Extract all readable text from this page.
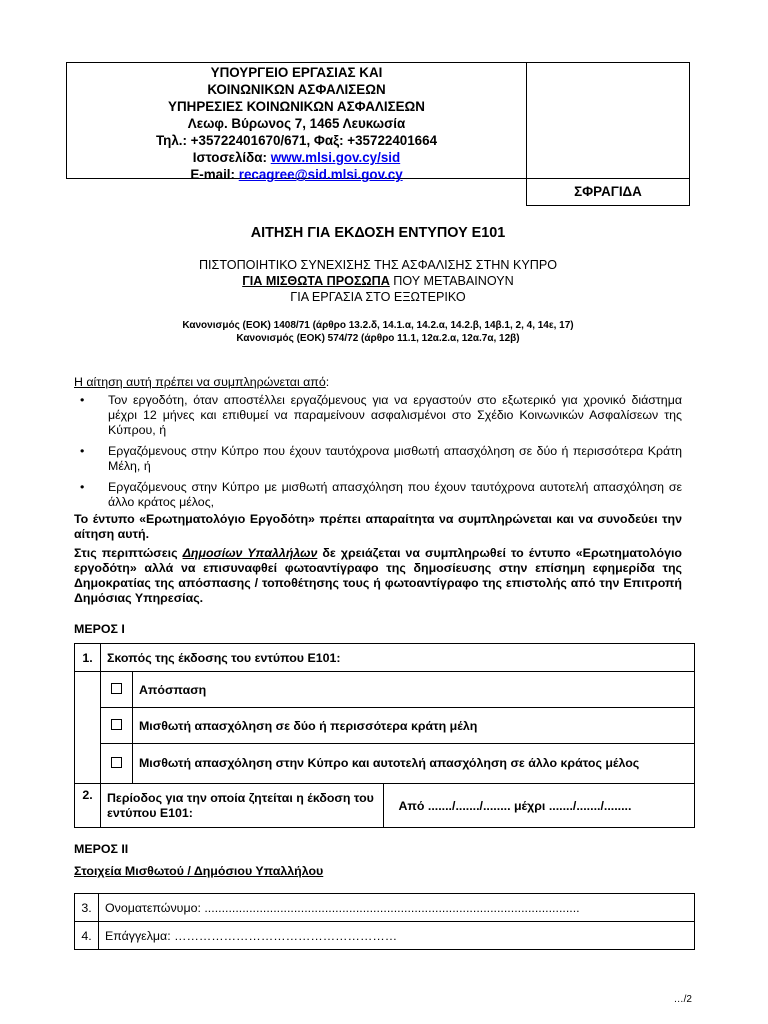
ΥΠΟΥΡΓΕΙΟ ΕΡΓΑΣΙΑΣ ΚΑΙ
ΚΟΙΝΩΝΙΚΩΝ ΑΣΦΑΛΙΣΕΩΝ
ΥΠΗΡΕΣΙΕΣ ΚΟΙΝΩΝΙΚΩΝ ΑΣΦΑΛΙΣΕΩΝ
Λεωφ. Βύρωνος 7, 1465 Λευκωσία
Τηλ.: +35722401670/671, Φαξ: +35722401664
Ιστοσελίδα: www.mlsi.gov.cy/sid
E-mail: recagree@sid.mlsi.gov.cy
ΣΦΡΑΓΙΔΑ
ΑΙΤΗΣΗ ΓΙΑ ΕΚΔΟΣΗ ΕΝΤΥΠΟΥ Ε101
ΠΙΣΤΟΠΟΙΗΤΙΚΟ ΣΥΝΕΧΙΣΗΣ ΤΗΣ ΑΣΦΑΛΙΣΗΣ ΣΤΗΝ ΚΥΠΡΟ
ΓΙΑ ΜΙΣΘΩΤΑ ΠΡΟΣΩΠΑ ΠΟΥ ΜΕΤΑΒΑΙΝΟΥΝ
ΓΙΑ ΕΡΓΑΣΙΑ ΣΤΟ ΕΞΩΤΕΡΙΚΟ
Κανονισμός (ΕΟΚ) 1408/71 (άρθρο 13.2.δ, 14.1.α, 14.2.α, 14.2.β, 14β.1, 2, 4, 14ε, 17)
Κανονισμός (ΕΟΚ) 574/72 (άρθρο 11.1, 12α.2.α, 12α.7α, 12β)
Η αίτηση αυτή πρέπει να συμπληρώνεται από:
• Τον εργοδότη, όταν αποστέλλει εργαζόμενους για να εργαστούν στο εξωτερικό για χρονικό διάστημα μέχρι 12 μήνες και επιθυμεί να παραμείνουν ασφαλισμένοι στο Σχέδιο Κοινωνικών Ασφαλίσεων της Κύπρου, ή
• Εργαζόμενους στην Κύπρο που έχουν ταυτόχρονα μισθωτή απασχόληση σε δύο ή περισσότερα Κράτη Μέλη, ή
• Εργαζόμενους στην Κύπρο με μισθωτή απασχόληση που έχουν ταυτόχρονα αυτοτελή απασχόληση σε άλλο κράτος μέλος,
Το έντυπο «Ερωτηματολόγιο Εργοδότη» πρέπει απαραίτητα να συμπληρώνεται και να συνοδεύει την αίτηση αυτή.
Στις περιπτώσεις Δημοσίων Υπαλλήλων δε χρειάζεται να συμπληρωθεί το έντυπο «Ερωτηματολόγιο εργοδότη» αλλά να επισυναφθεί φωτοαντίγραφο της δημοσίευσης στην επίσημη εφημερίδα της Δημοκρατίας της απόσπασης / τοποθέτησης τους ή φωτοαντίγραφο της επιστολής από την Επιτροπή Δημόσιας Υπηρεσίας.
ΜΕΡΟΣ Ι
1.	Σκοπός της έκδοσης του εντύπου Ε101:		
		Απόσπαση	
		Μισθωτή απασχόληση σε δύο ή περισσότερα κράτη μέλη	
		Μισθωτή απασχόληση στην Κύπρο και αυτοτελή απασχόληση σε άλλο κράτος μέλος	
2.	Περίοδος για την οποία ζητείται η έκδοση του εντύπου Ε101:		Από ......./......./........ μέχρι ......./......./........
ΜΕΡΟΣ ΙΙ
Στοιχεία Μισθωτού / Δημόσιου Υπαλλήλου
3.	Ονοματεπώνυμο: .............................................................................................................
4.	Επάγγελμα: ………………………………………………
…/2
